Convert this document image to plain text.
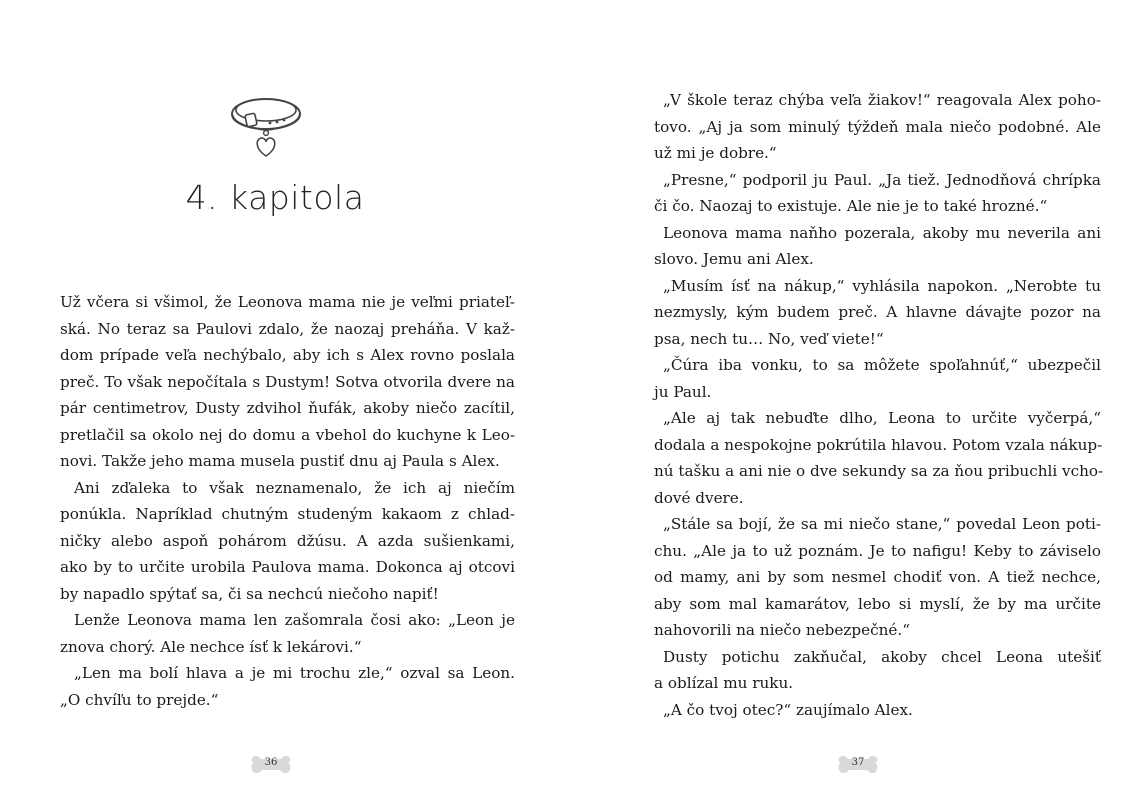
4. kapitola
Už včera si všimol, že Leonova mama nie je veľmi priateľ-
ská. No teraz sa Paulovi zdalo, že naozaj preháňa. V kaž-
dom prípade veľa nechýbalo, aby ich s Alex rovno poslala
preč. To však nepočítala s Dustym! Sotva otvorila dvere na
pár centimetrov, Dusty zdvihol ňufák, akoby niečo zacítil,
pretlačil sa okolo nej do domu a vbehol do kuchyne k Leo-
novi. Takže jeho mama musela pustiť dnu aj Paula s Alex.
Ani zďaleka to však neznamenalo, že ich aj niečím
ponúkla. Napríklad chutným studeným kakaom z chlad-
ničky alebo aspoň pohárom džúsu. A azda sušienkami,
ako by to určite urobila Paulova mama. Dokonca aj otcovi
by napadlo spýtať sa, či sa nechcú niečoho napiť!
Lenže Leonova mama len zašomrala čosi ako: „Leon je
znova chorý. Ale nechce ísť k lekárovi.“
„Len ma bolí hlava a je mi trochu zle,“ ozval sa Leon.
„O chvíľu to prejde.“
36
„V škole teraz chýba veľa žiakov!“ reagovala Alex poho-
tovo. „Aj ja som minulý týždeň mala niečo podobné. Ale
už mi je dobre.“
„Presne,“ podporil ju Paul. „Ja tiež. Jednodňová chrípka
či čo. Naozaj to existuje. Ale nie je to také hrozné.“
Leonova mama naňho pozerala, akoby mu neverila ani
slovo. Jemu ani Alex.
„Musím ísť na nákup,“ vyhlásila napokon. „Nerobte tu
nezmysly, kým budem preč. A hlavne dávajte pozor na
psa, nech tu… No, veď viete!“
„Čúra iba vonku, to sa môžete spoľahnúť,“ ubezpečil
ju Paul.
„Ale aj tak nebuďte dlho, Leona to určite vyčerpá,“
dodala a nespokojne pokrútila hlavou. Potom vzala nákup-
nú tašku a ani nie o dve sekundy sa za ňou pribuchli vcho-
dové dvere.
„Stále sa bojí, že sa mi niečo stane,“ povedal Leon poti-
chu. „Ale ja to už poznám. Je to nafigu! Keby to záviselo
od mamy, ani by som nesmel chodiť von. A tiež nechce,
aby som mal kamarátov, lebo si myslí, že by ma určite
nahovorili na niečo nebezpečné.“
Dusty potichu zakňučal, akoby chcel Leona utešiť
a oblízal mu ruku.
„A čo tvoj otec?“ zaujímalo Alex.
37
